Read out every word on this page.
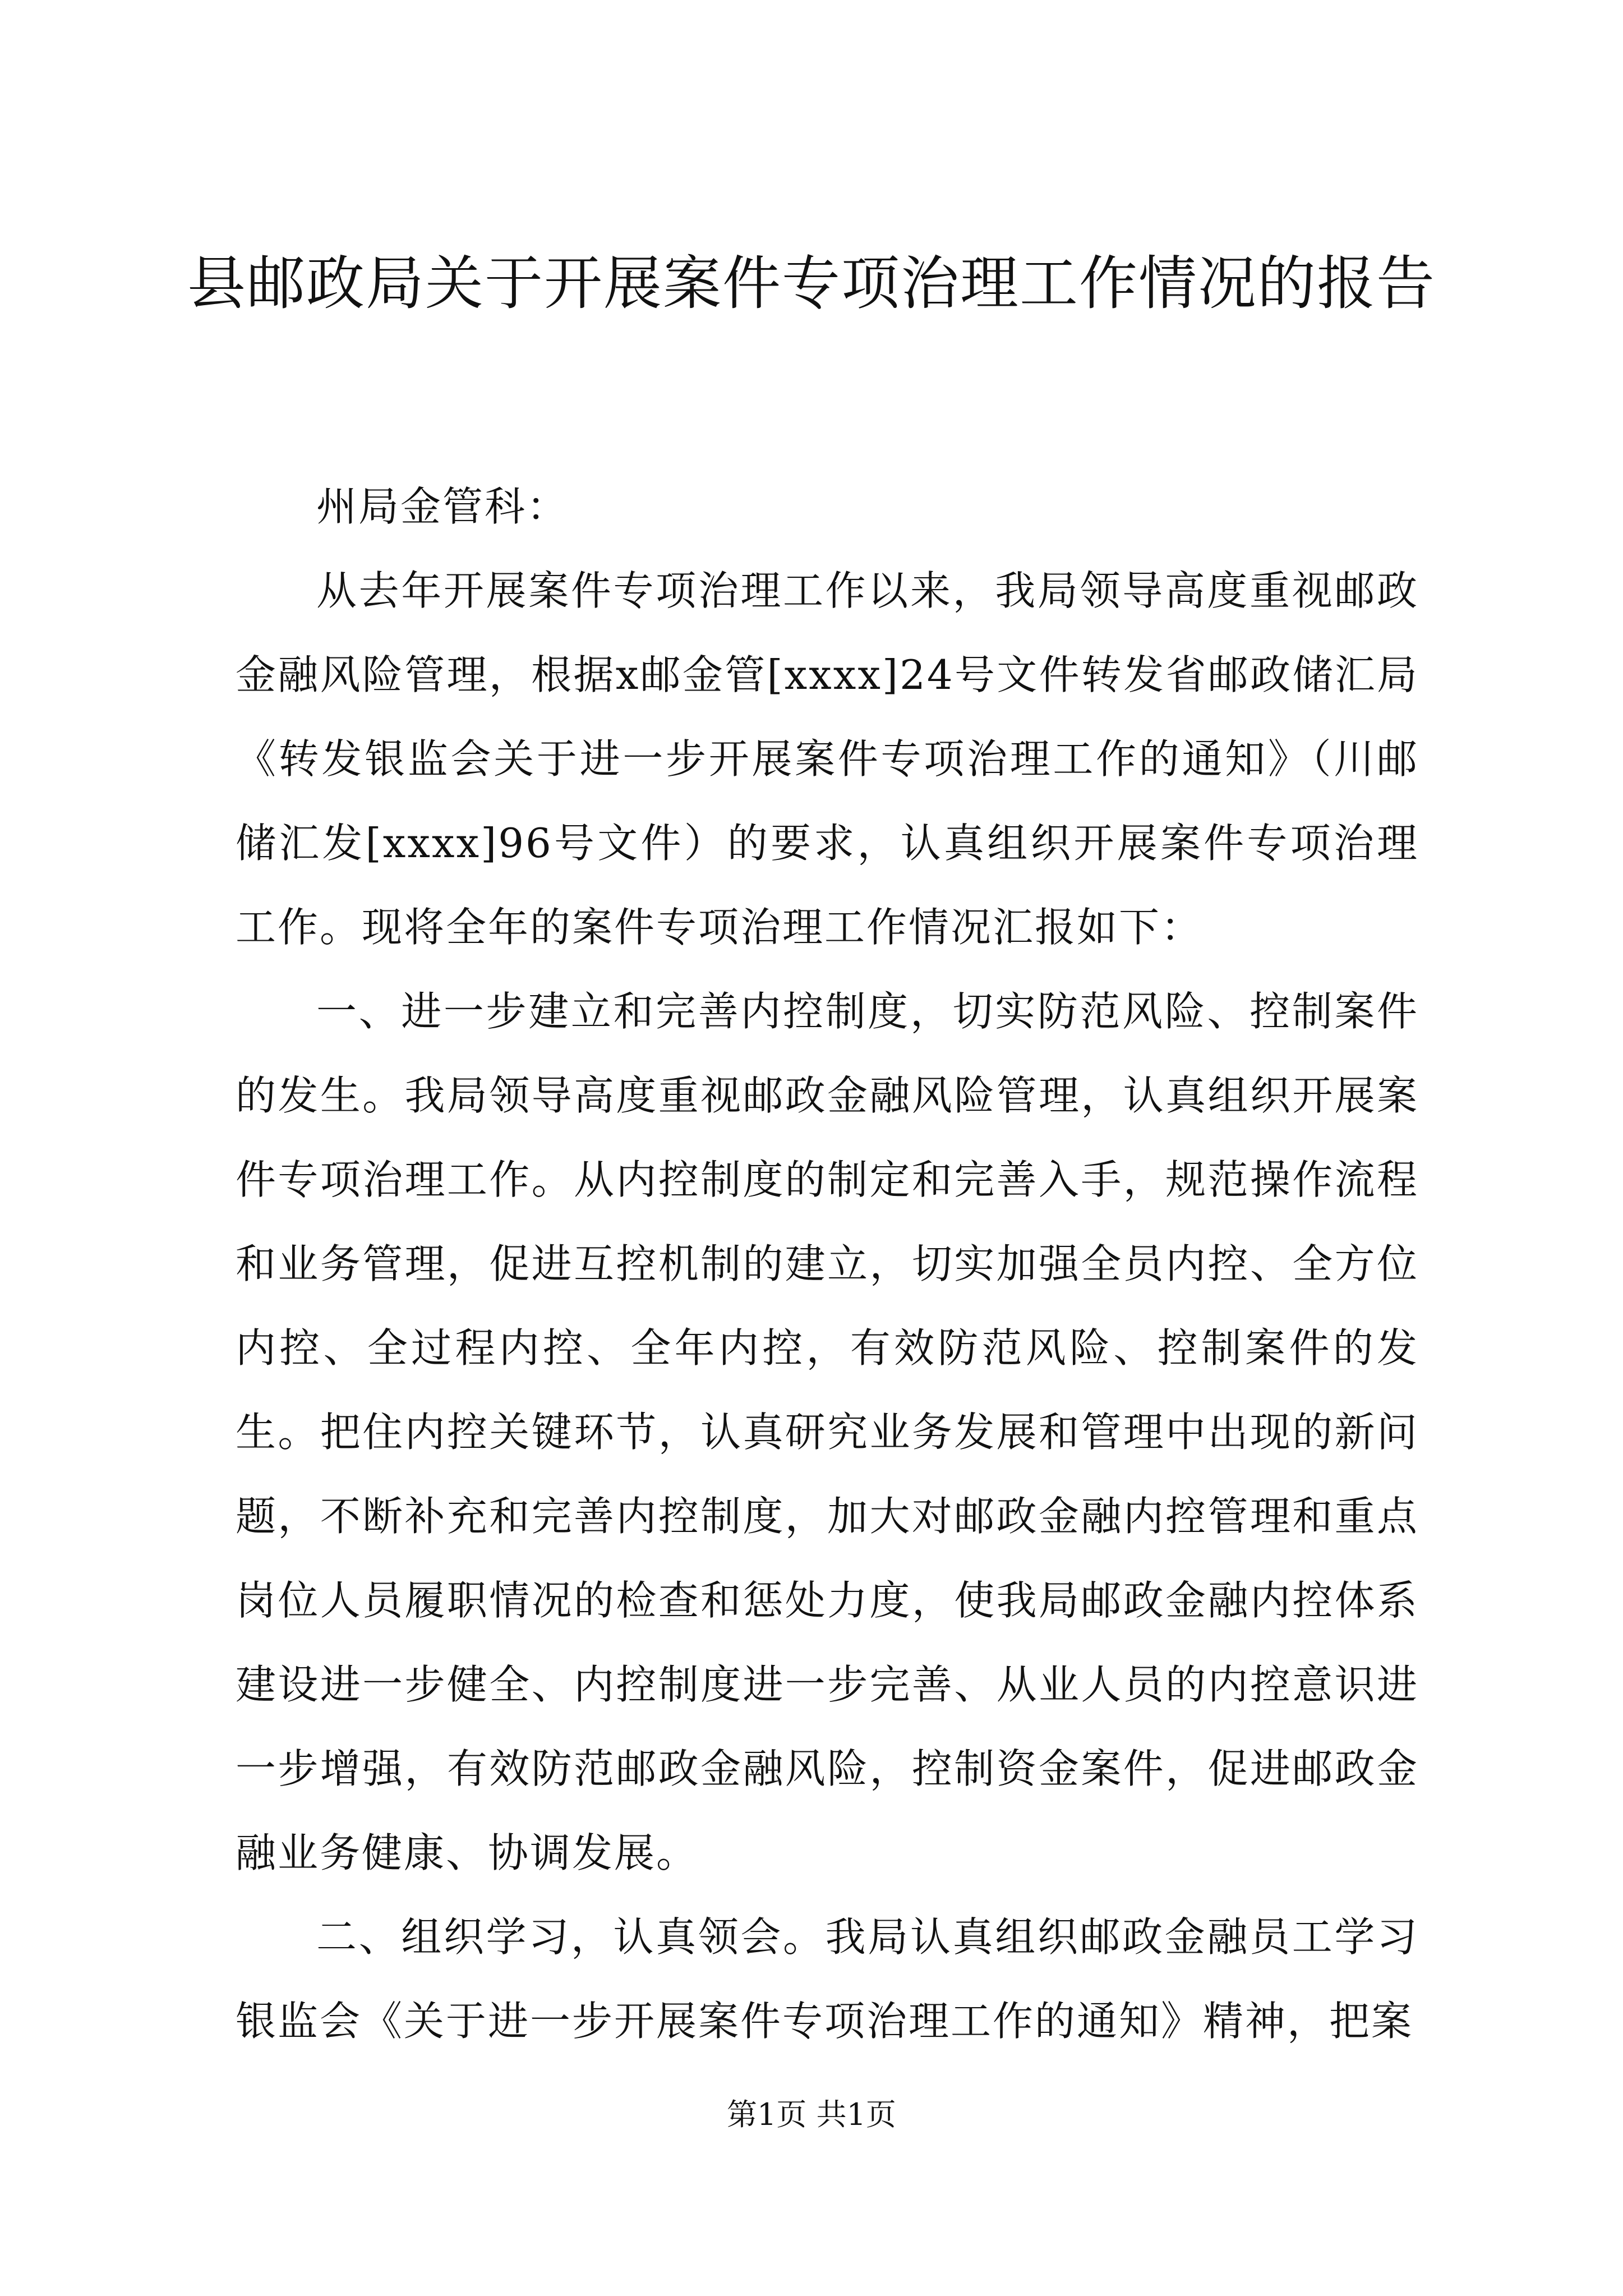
县邮政局关于开展案件专项治理工作情况的报告

州局金管科：

从去年开展案件专项治理工作以来，我局领导高度重视邮政金融风险管理，根据x邮金管[xxxx]24号文件转发省邮政储汇局《转发银监会关于进一步开展案件专项治理工作的通知》（川邮储汇发[xxxx]96号文件）的要求，认真组织开展案件专项治理工作。现将全年的案件专项治理工作情况汇报如下：

一、进一步建立和完善内控制度，切实防范风险、控制案件的发生。我局领导高度重视邮政金融风险管理，认真组织开展案件专项治理工作。从内控制度的制定和完善入手，规范操作流程和业务管理，促进互控机制的建立，切实加强全员内控、全方位内控、全过程内控、全年内控，有效防范风险、控制案件的发生。把住内控关键环节，认真研究业务发展和管理中出现的新问题，不断补充和完善内控制度，加大对邮政金融内控管理和重点岗位人员履职情况的检查和惩处力度，使我局邮政金融内控体系建设进一步健全、内控制度进一步完善、从业人员的内控意识进一步增强，有效防范邮政金融风险，控制资金案件，促进邮政金融业务健康、协调发展。

二、组织学习，认真领会。我局认真组织邮政金融员工学习银监会《关于进一步开展案件专项治理工作的通知》精神，把案

第1页 共1页
